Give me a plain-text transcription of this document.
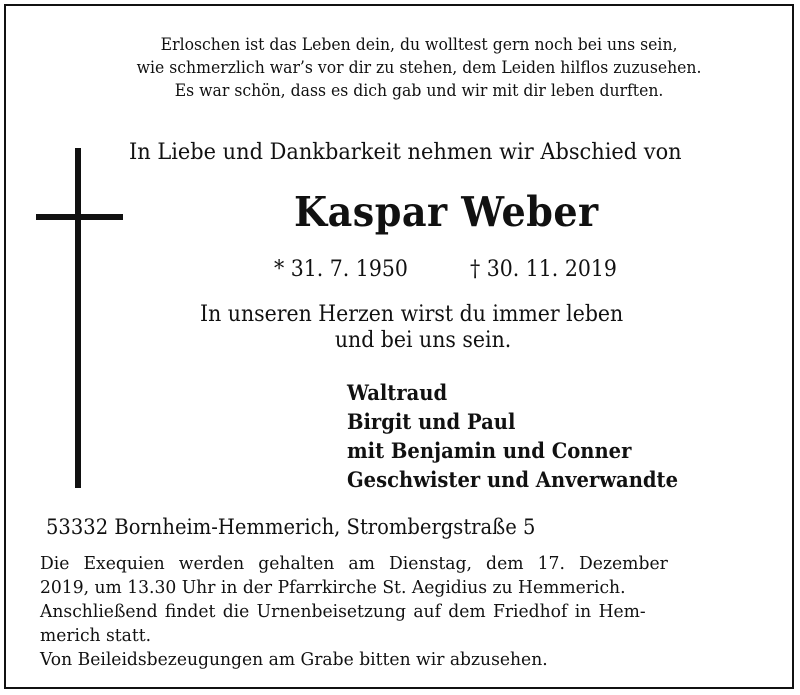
Erloschen ist das Leben dein, du wolltest gern noch bei uns sein,
wie schmerzlich war’s vor dir zu stehen, dem Leiden hilflos zuzusehen.
Es war schön, dass es dich gab und wir mit dir leben durften.
In Liebe und Dankbarkeit nehmen wir Abschied von
Kaspar Weber
* 31. 7. 1950	† 30. 11. 2019
In unseren Herzen wirst du immer leben
und bei uns sein.
Waltraud
Birgit und Paul
mit Benjamin und Conner
Geschwister und Anverwandte
53332 Bornheim-Hemmerich, Strombergstraße 5
Die Exequien werden gehalten am Dienstag, dem 17. Dezember
2019, um 13.30 Uhr in der Pfarrkirche St. Aegidius zu Hemmerich.
Anschließend findet die Urnenbeisetzung auf dem Friedhof in Hem-
merich statt.
Von Beileidsbezeugungen am Grabe bitten wir abzusehen.
